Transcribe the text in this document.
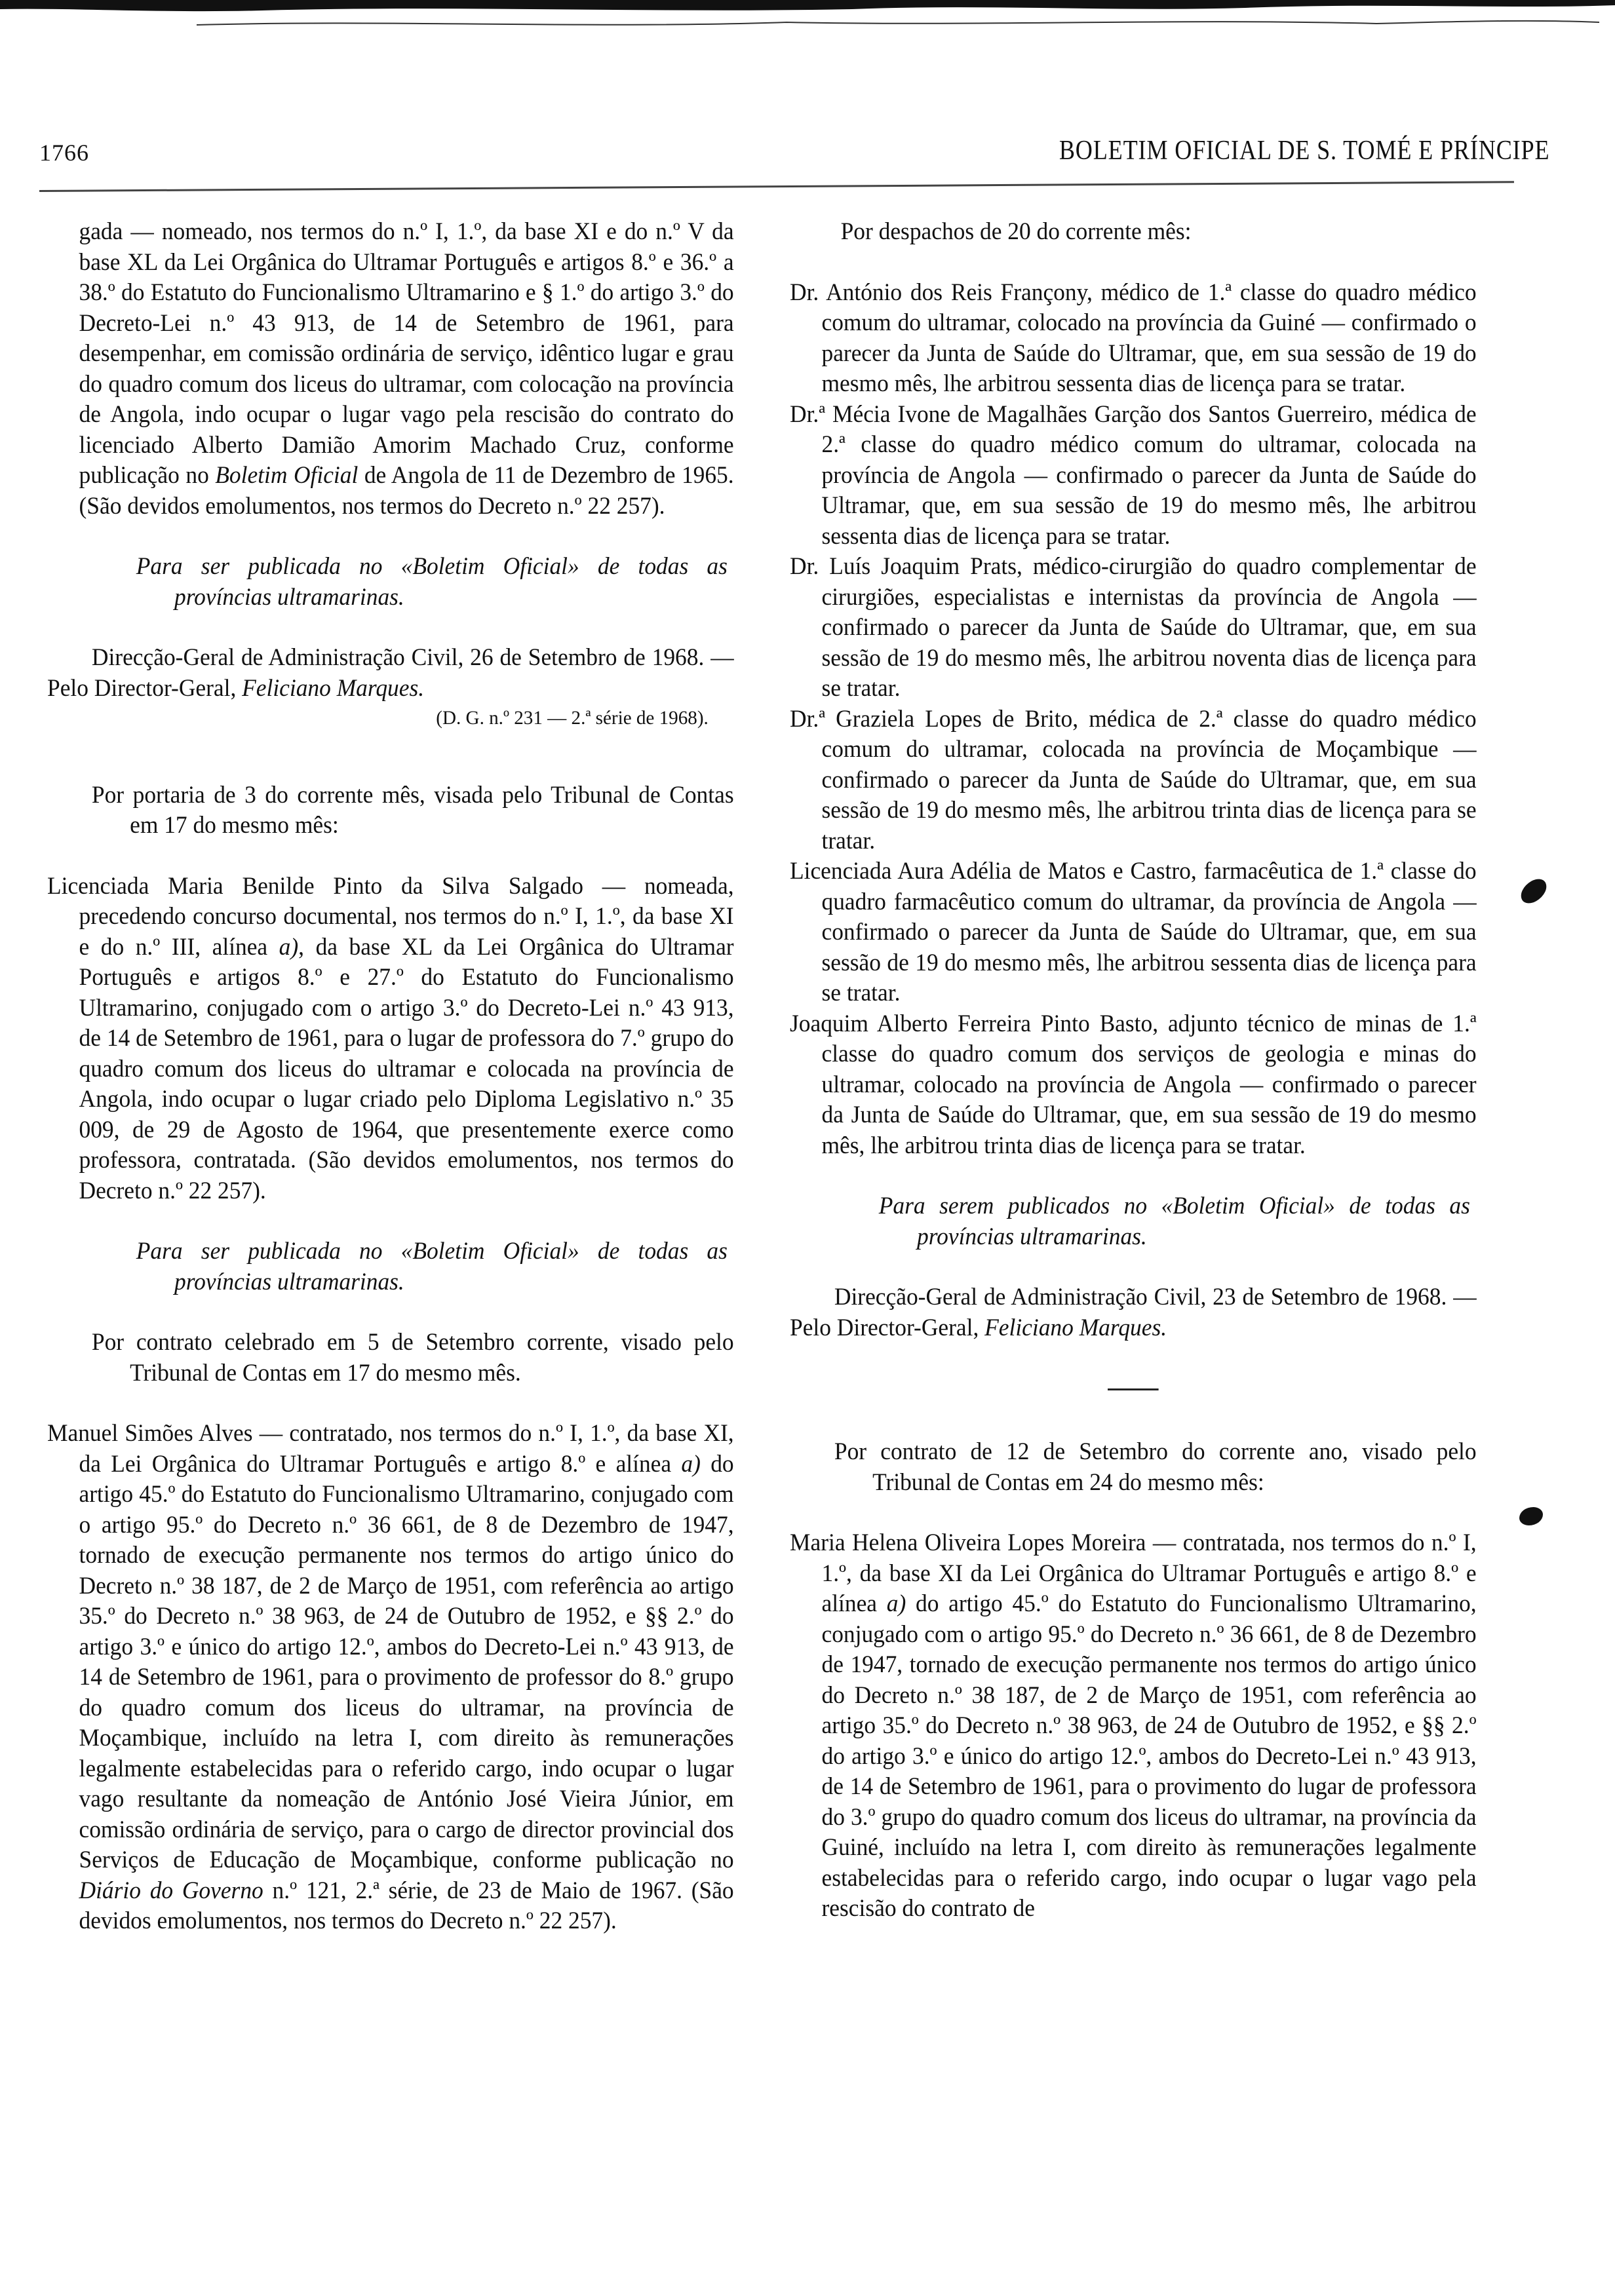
1766	BOLETIM OFICIAL DE S. TOMÉ E PRÍNCIPE

gada — nomeado, nos termos do n.º I, 1.º, da base XI e do n.º V da base XL da Lei Orgânica do Ultramar Português e artigos 8.º e 36.º a 38.º do Estatuto do Funcionalismo Ultramarino e § 1.º do artigo 3.º do Decreto-Lei n.º 43 913, de 14 de Setembro de 1961, para desempenhar, em comissão ordinária de serviço, idêntico lugar e grau do quadro comum dos liceus do ultramar, com colocação na província de Angola, indo ocupar o lugar vago pela rescisão do contrato do licenciado Alberto Damião Amorim Machado Cruz, conforme publicação no Boletim Oficial de Angola de 11 de Dezembro de 1965. (São devidos emolumentos, nos termos do Decreto n.º 22 257).

Para ser publicada no «Boletim Oficial» de todas as províncias ultramarinas.

Direcção-Geral de Administração Civil, 26 de Setembro de 1968. — Pelo Director-Geral, Feliciano Marques.

(D. G. n.º 231 — 2.ª série de 1968).

Por portaria de 3 do corrente mês, visada pelo Tribunal de Contas em 17 do mesmo mês:

Licenciada Maria Benilde Pinto da Silva Salgado — nomeada, precedendo concurso documental, nos termos do n.º I, 1.º, da base XI e do n.º III, alínea a), da base XL da Lei Orgânica do Ultramar Português e artigos 8.º e 27.º do Estatuto do Funcionalismo Ultramarino, conjugado com o artigo 3.º do Decreto-Lei n.º 43 913, de 14 de Setembro de 1961, para o lugar de professora do 7.º grupo do quadro comum dos liceus do ultramar e colocada na província de Angola, indo ocupar o lugar criado pelo Diploma Legislativo n.º 35 009, de 29 de Agosto de 1964, que presentemente exerce como professora, contratada. (São devidos emolumentos, nos termos do Decreto n.º 22 257).

Para ser publicada no «Boletim Oficial» de todas as províncias ultramarinas.

Por contrato celebrado em 5 de Setembro corrente, visado pelo Tribunal de Contas em 17 do mesmo mês.

Manuel Simões Alves — contratado, nos termos do n.º I, 1.º, da base XI, da Lei Orgânica do Ultramar Português e artigo 8.º e alínea a) do artigo 45.º do Estatuto do Funcionalismo Ultramarino, conjugado com o artigo 95.º do Decreto n.º 36 661, de 8 de Dezembro de 1947, tornado de execução permanente nos termos do artigo único do Decreto n.º 38 187, de 2 de Março de 1951, com referência ao artigo 35.º do Decreto n.º 38 963, de 24 de Outubro de 1952, e §§ 2.º do artigo 3.º e único do artigo 12.º, ambos do Decreto-Lei n.º 43 913, de 14 de Setembro de 1961, para o provimento de professor do 8.º grupo do quadro comum dos liceus do ultramar, na província de Moçambique, incluído na letra I, com direito às remunerações legalmente estabelecidas para o referido cargo, indo ocupar o lugar vago resultante da nomeação de António José Vieira Júnior, em comissão ordinária de serviço, para o cargo de director provincial dos Serviços de Educação de Moçambique, conforme publicação no Diário do Governo n.º 121, 2.ª série, de 23 de Maio de 1967. (São devidos emolumentos, nos termos do Decreto n.º 22 257).

Por despachos de 20 do corrente mês:

Dr. António dos Reis Françony, médico de 1.ª classe do quadro médico comum do ultramar, colocado na província da Guiné — confirmado o parecer da Junta de Saúde do Ultramar, que, em sua sessão de 19 do mesmo mês, lhe arbitrou sessenta dias de licença para se tratar.

Dr.ª Mécia Ivone de Magalhães Garção dos Santos Guerreiro, médica de 2.ª classe do quadro médico comum do ultramar, colocada na província de Angola — confirmado o parecer da Junta de Saúde do Ultramar, que, em sua sessão de 19 do mesmo mês, lhe arbitrou sessenta dias de licença para se tratar.

Dr. Luís Joaquim Prats, médico-cirurgião do quadro complementar de cirurgiões, especialistas e internistas da província de Angola — confirmado o parecer da Junta de Saúde do Ultramar, que, em sua sessão de 19 do mesmo mês, lhe arbitrou noventa dias de licença para se tratar.

Dr.ª Graziela Lopes de Brito, médica de 2.ª classe do quadro médico comum do ultramar, colocada na província de Moçambique — confirmado o parecer da Junta de Saúde do Ultramar, que, em sua sessão de 19 do mesmo mês, lhe arbitrou trinta dias de licença para se tratar.

Licenciada Aura Adélia de Matos e Castro, farmacêutica de 1.ª classe do quadro farmacêutico comum do ultramar, da província de Angola — confirmado o parecer da Junta de Saúde do Ultramar, que, em sua sessão de 19 do mesmo mês, lhe arbitrou sessenta dias de licença para se tratar.

Joaquim Alberto Ferreira Pinto Basto, adjunto técnico de minas de 1.ª classe do quadro comum dos serviços de geologia e minas do ultramar, colocado na província de Angola — confirmado o parecer da Junta de Saúde do Ultramar, que, em sua sessão de 19 do mesmo mês, lhe arbitrou trinta dias de licença para se tratar.

Para serem publicados no «Boletim Oficial» de todas as províncias ultramarinas.

Direcção-Geral de Administração Civil, 23 de Setembro de 1968. — Pelo Director-Geral, Feliciano Marques.

Por contrato de 12 de Setembro do corrente ano, visado pelo Tribunal de Contas em 24 do mesmo mês:

Maria Helena Oliveira Lopes Moreira — contratada, nos termos do n.º I, 1.º, da base XI da Lei Orgânica do Ultramar Português e artigo 8.º e alínea a) do artigo 45.º do Estatuto do Funcionalismo Ultramarino, conjugado com o artigo 95.º do Decreto n.º 36 661, de 8 de Dezembro de 1947, tornado de execução permanente nos termos do artigo único do Decreto n.º 38 187, de 2 de Março de 1951, com referência ao artigo 35.º do Decreto n.º 38 963, de 24 de Outubro de 1952, e §§ 2.º do artigo 3.º e único do artigo 12.º, ambos do Decreto-Lei n.º 43 913, de 14 de Setembro de 1961, para o provimento do lugar de professora do 3.º grupo do quadro comum dos liceus do ultramar, na província da Guiné, incluído na letra I, com direito às remunerações legalmente estabelecidas para o referido cargo, indo ocupar o lugar vago pela rescisão do contrato de
